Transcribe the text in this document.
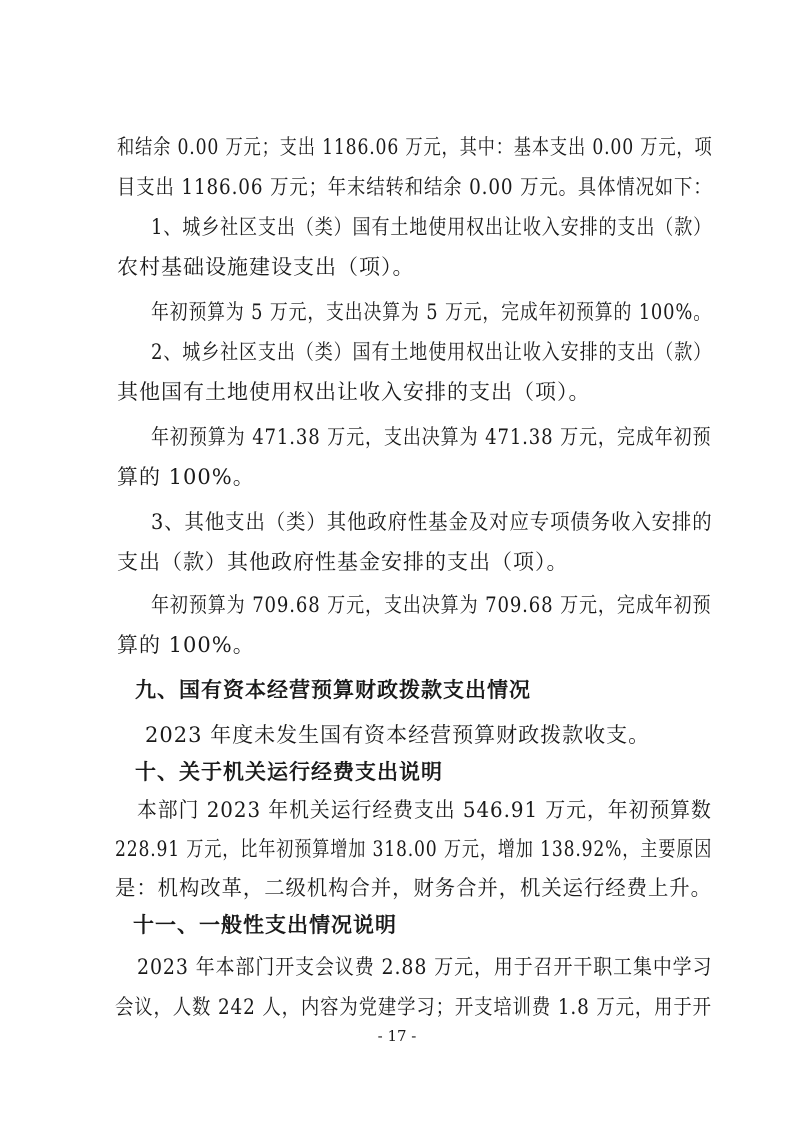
和结余 0.00 万元；支出 1186.06 万元，其中：基本支出 0.00 万元，项
目支出 1186.06 万元；年末结转和结余 0.00 万元。具体情况如下：
1、城乡社区支出（类）国有土地使用权出让收入安排的支出（款）
农村基础设施建设支出（项）。
年初预算为 5 万元，支出决算为 5 万元，完成年初预算的 100%。
2、城乡社区支出（类）国有土地使用权出让收入安排的支出（款）
其他国有土地使用权出让收入安排的支出（项）。
年初预算为 471.38 万元，支出决算为 471.38 万元，完成年初预
算的 100%。
3、其他支出（类）其他政府性基金及对应专项债务收入安排的
支出（款）其他政府性基金安排的支出（项）。
年初预算为 709.68 万元，支出决算为 709.68 万元，完成年初预
算的 100%。
九、国有资本经营预算财政拨款支出情况
2023 年度未发生国有资本经营预算财政拨款收支。
十、关于机关运行经费支出说明
本部门 2023 年机关运行经费支出 546.91 万元，年初预算数
228.91 万元，比年初预算增加 318.00 万元，增加 138.92%，主要原因
是：机构改革，二级机构合并，财务合并，机关运行经费上升。
十一、一般性支出情况说明
2023 年本部门开支会议费 2.88 万元，用于召开干职工集中学习
会议，人数 242 人，内容为党建学习；开支培训费 1.8 万元，用于开
- 17 -
